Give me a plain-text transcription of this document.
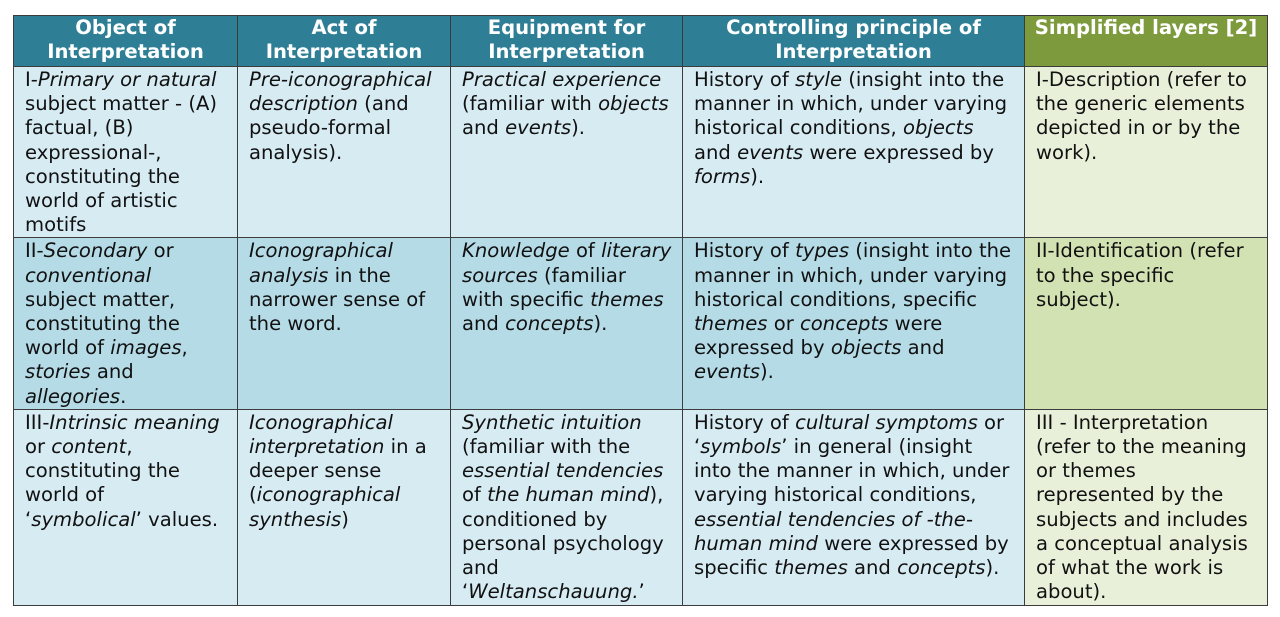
Object of Interpretation	Act of Interpretation	Equipment for Interpretation	Controlling principle of Interpretation	Simplified layers [2]
I-Primary or natural subject matter - (A) factual, (B) expressional-, constituting the world of artistic motifs	Pre-iconographical description (and pseudo-formal analysis).	Practical experience (familiar with objects and events).	History of style (insight into the manner in which, under varying historical conditions, objects and events were expressed by forms).	I-Description (refer to the generic elements depicted in or by the work).
II-Secondary or conventional subject matter, constituting the world of images, stories and allegories.	Iconographical analysis in the narrower sense of the word.	Knowledge of literary sources (familiar with specific themes and concepts).	History of types (insight into the manner in which, under varying historical conditions, specific themes or concepts were expressed by objects and events).	II-Identification (refer to the specific subject).
III-Intrinsic meaning or content, constituting the world of ‘symbolical’ values.	Iconographical interpretation in a deeper sense (iconographical synthesis)	Synthetic intuition (familiar with the essential tendencies of the human mind), conditioned by personal psychology and ‘Weltanschauung.’	History of cultural symptoms or ‘symbols’ in general (insight into the manner in which, under varying historical conditions, essential tendencies of -the- human mind were expressed by specific themes and concepts).	III - Interpretation (refer to the meaning or themes represented by the subjects and includes a conceptual analysis of what the work is about).
